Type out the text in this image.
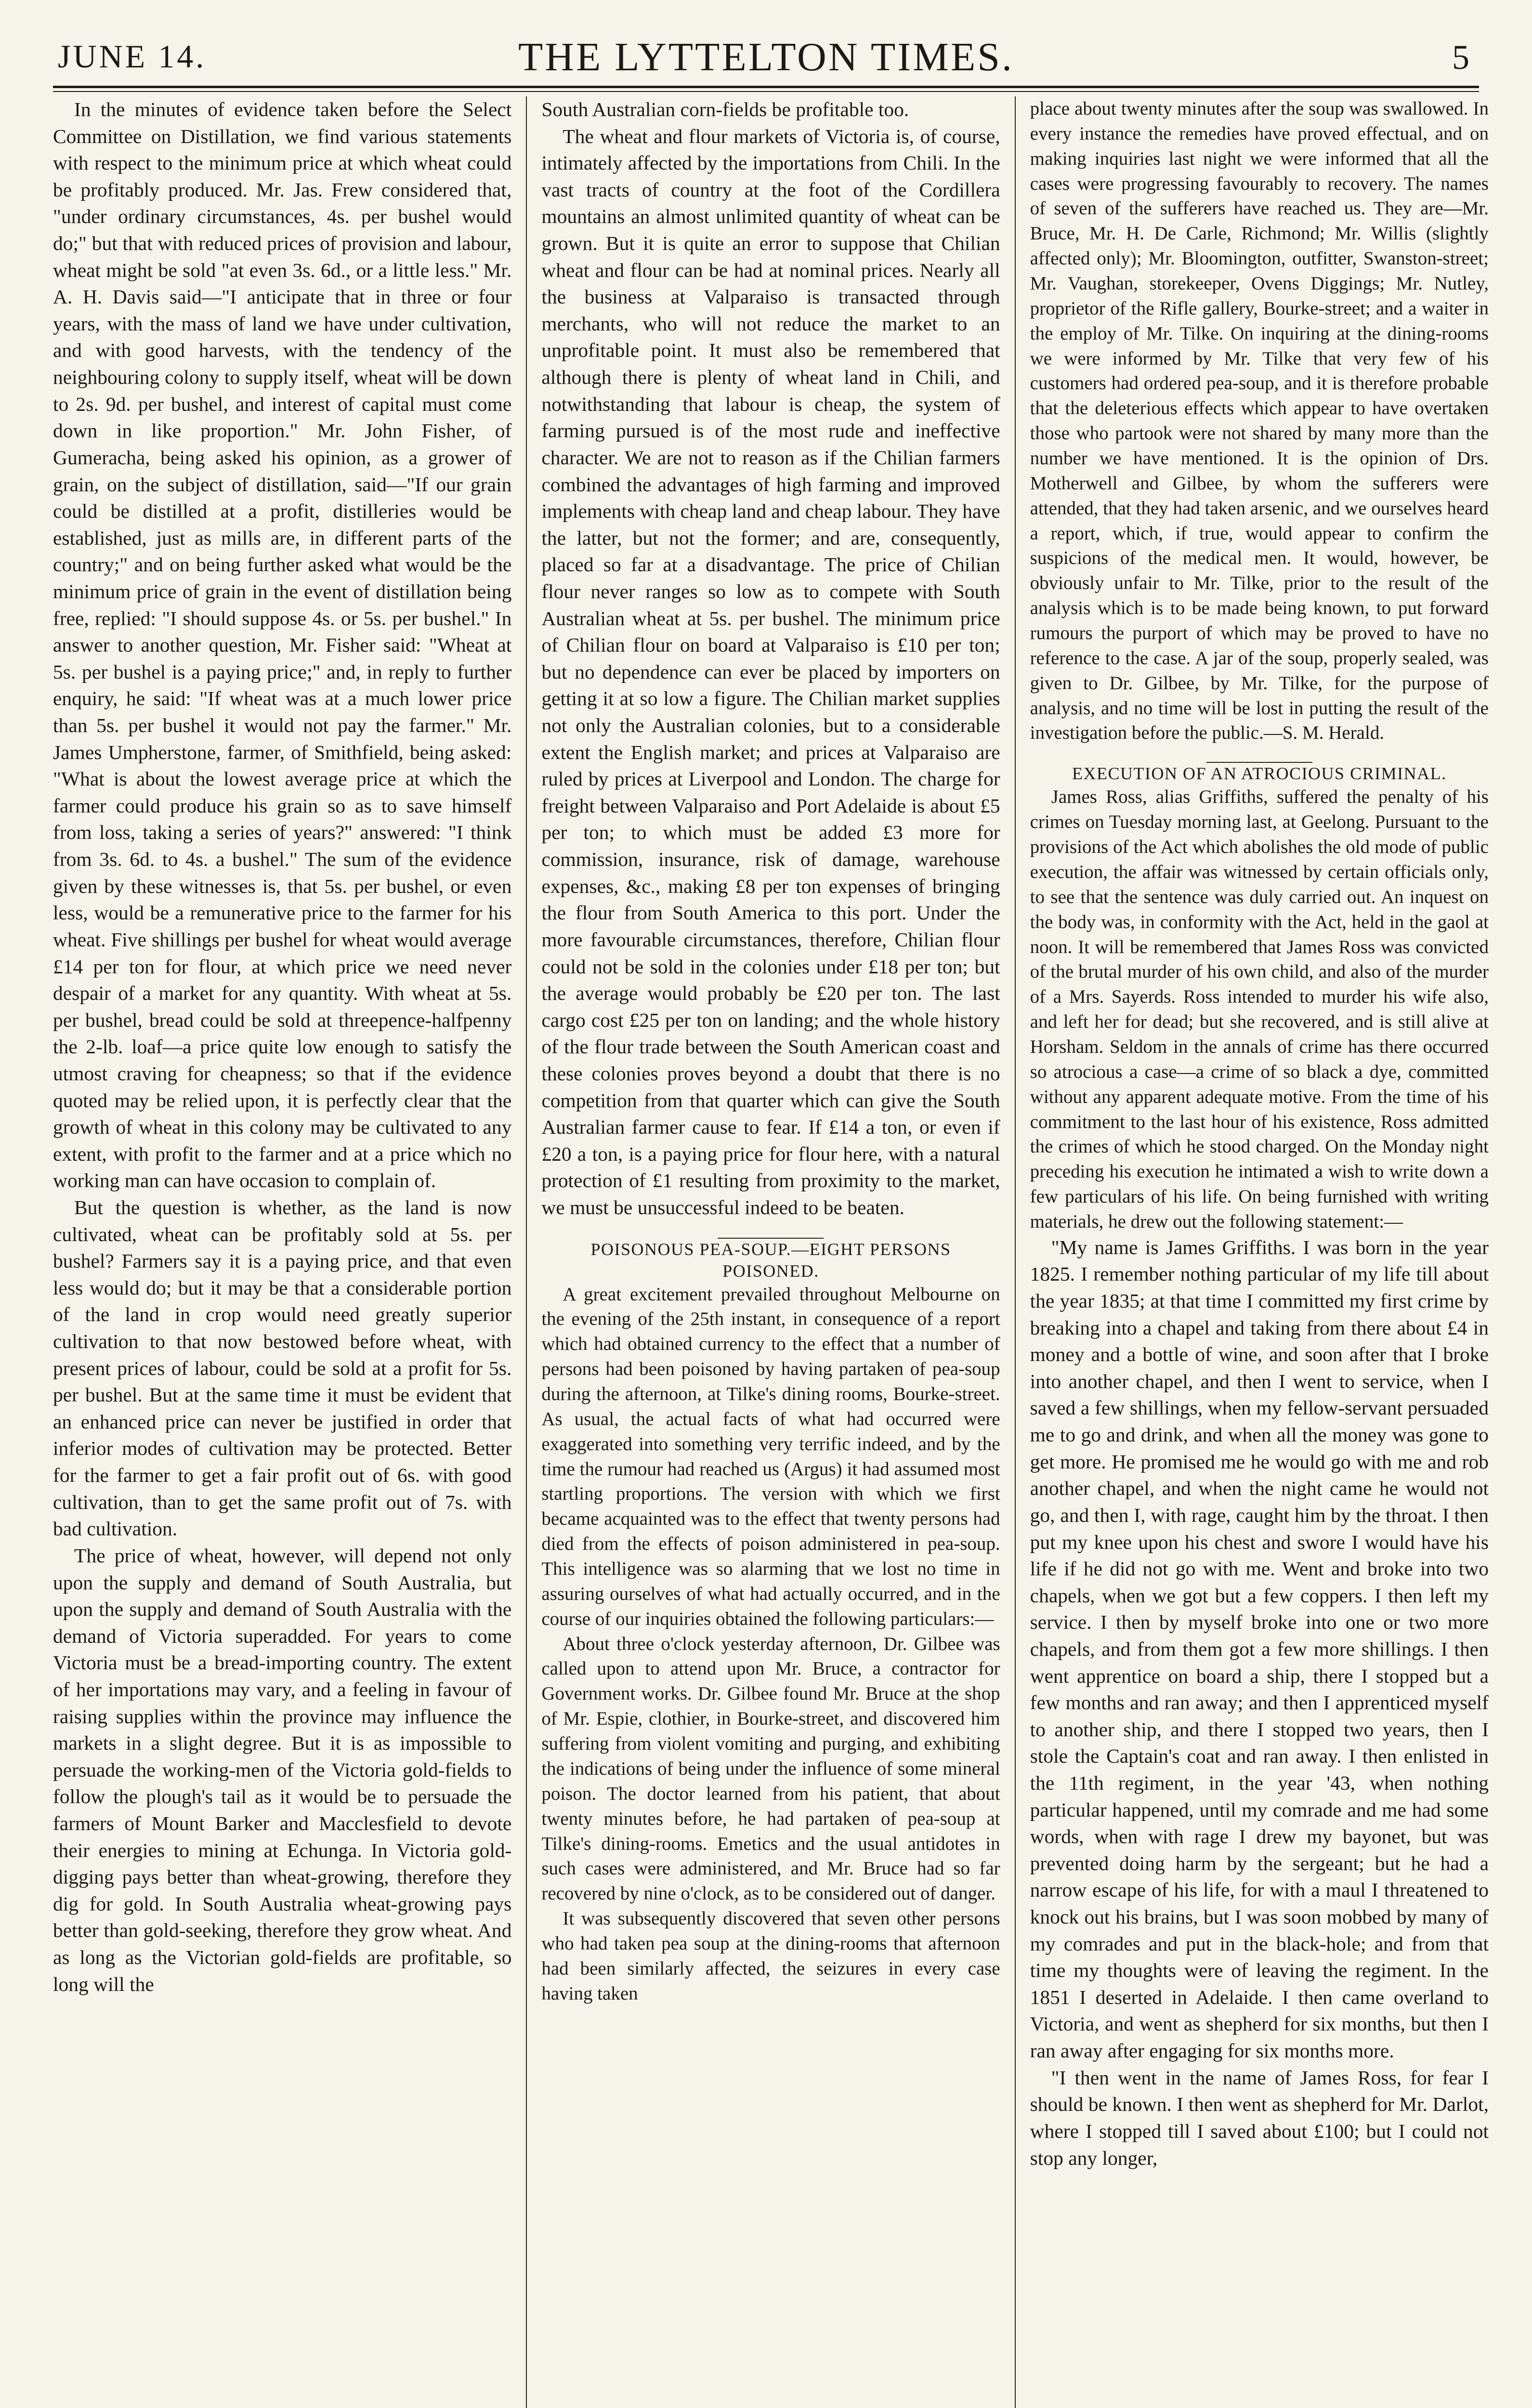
JUNE 14.	THE LYTTELTON TIMES.	5

In the minutes of evidence taken before the Select Committee on Distillation, we find various statements with respect to the minimum price at which wheat could be profitably produced. Mr. Jas. Frew considered that, "under ordinary circumstances, 4s. per bushel would do;" but that with reduced prices of provision and labour, wheat might be sold "at even 3s. 6d., or a little less." Mr. A. H. Davis said—"I anticipate that in three or four years, with the mass of land we have under cultivation, and with good harvests, with the tendency of the neighbouring colony to supply itself, wheat will be down to 2s. 9d. per bushel, and interest of capital must come down in like proportion." Mr. John Fisher, of Gumeracha, being asked his opinion, as a grower of grain, on the subject of distillation, said—"If our grain could be distilled at a profit, distilleries would be established, just as mills are, in different parts of the country;" and on being further asked what would be the minimum price of grain in the event of distillation being free, replied: "I should suppose 4s. or 5s. per bushel." In answer to another question, Mr. Fisher said: "Wheat at 5s. per bushel is a paying price;" and, in reply to further enquiry, he said: "If wheat was at a much lower price than 5s. per bushel it would not pay the farmer." Mr. James Umpherstone, farmer, of Smithfield, being asked: "What is about the lowest average price at which the farmer could produce his grain so as to save himself from loss, taking a series of years?" answered: "I think from 3s. 6d. to 4s. a bushel." The sum of the evidence given by these witnesses is, that 5s. per bushel, or even less, would be a remunerative price to the farmer for his wheat. Five shillings per bushel for wheat would average £14 per ton for flour, at which price we need never despair of a market for any quantity. With wheat at 5s. per bushel, bread could be sold at threepence-halfpenny the 2-lb. loaf—a price quite low enough to satisfy the utmost craving for cheapness; so that if the evidence quoted may be relied upon, it is perfectly clear that the growth of wheat in this colony may be cultivated to any extent, with profit to the farmer and at a price which no working man can have occasion to complain of.

But the question is whether, as the land is now cultivated, wheat can be profitably sold at 5s. per bushel? Farmers say it is a paying price, and that even less would do; but it may be that a considerable portion of the land in crop would need greatly superior cultivation to that now bestowed before wheat, with present prices of labour, could be sold at a profit for 5s. per bushel. But at the same time it must be evident that an enhanced price can never be justified in order that inferior modes of cultivation may be protected. Better for the farmer to get a fair profit out of 6s. with good cultivation, than to get the same profit out of 7s. with bad cultivation.

The price of wheat, however, will depend not only upon the supply and demand of South Australia, but upon the supply and demand of South Australia with the demand of Victoria superadded. For years to come Victoria must be a bread-importing country. The extent of her importations may vary, and a feeling in favour of raising supplies within the province may influence the markets in a slight degree. But it is as impossible to persuade the working-men of the Victoria gold-fields to follow the plough's tail as it would be to persuade the farmers of Mount Barker and Macclesfield to devote their energies to mining at Echunga. In Victoria gold-digging pays better than wheat-growing, therefore they dig for gold. In South Australia wheat-growing pays better than gold-seeking, therefore they grow wheat. And as long as the Victorian gold-fields are profitable, so long will the

South Australian corn-fields be profitable too.

The wheat and flour markets of Victoria is, of course, intimately affected by the importations from Chili. In the vast tracts of country at the foot of the Cordillera mountains an almost unlimited quantity of wheat can be grown. But it is quite an error to suppose that Chilian wheat and flour can be had at nominal prices. Nearly all the business at Valparaiso is transacted through merchants, who will not reduce the market to an unprofitable point. It must also be remembered that although there is plenty of wheat land in Chili, and notwithstanding that labour is cheap, the system of farming pursued is of the most rude and ineffective character. We are not to reason as if the Chilian farmers combined the advantages of high farming and improved implements with cheap land and cheap labour. They have the latter, but not the former; and are, consequently, placed so far at a disadvantage. The price of Chilian flour never ranges so low as to compete with South Australian wheat at 5s. per bushel. The minimum price of Chilian flour on board at Valparaiso is £10 per ton; but no dependence can ever be placed by importers on getting it at so low a figure. The Chilian market supplies not only the Australian colonies, but to a considerable extent the English market; and prices at Valparaiso are ruled by prices at Liverpool and London. The charge for freight between Valparaiso and Port Adelaide is about £5 per ton; to which must be added £3 more for commission, insurance, risk of damage, warehouse expenses, &c., making £8 per ton expenses of bringing the flour from South America to this port. Under the more favourable circumstances, therefore, Chilian flour could not be sold in the colonies under £18 per ton; but the average would probably be £20 per ton. The last cargo cost £25 per ton on landing; and the whole history of the flour trade between the South American coast and these colonies proves beyond a doubt that there is no competition from that quarter which can give the South Australian farmer cause to fear. If £14 a ton, or even if £20 a ton, is a paying price for flour here, with a natural protection of £1 resulting from proximity to the market, we must be unsuccessful indeed to be beaten.

POISONOUS PEA-SOUP.—EIGHT PERSONS POISONED.

A great excitement prevailed throughout Melbourne on the evening of the 25th instant, in consequence of a report which had obtained currency to the effect that a number of persons had been poisoned by having partaken of pea-soup during the afternoon, at Tilke's dining rooms, Bourke-street. As usual, the actual facts of what had occurred were exaggerated into something very terrific indeed, and by the time the rumour had reached us (Argus) it had assumed most startling proportions. The version with which we first became acquainted was to the effect that twenty persons had died from the effects of poison administered in pea-soup. This intelligence was so alarming that we lost no time in assuring ourselves of what had actually occurred, and in the course of our inquiries obtained the following particulars:—

About three o'clock yesterday afternoon, Dr. Gilbee was called upon to attend upon Mr. Bruce, a contractor for Government works. Dr. Gilbee found Mr. Bruce at the shop of Mr. Espie, clothier, in Bourke-street, and discovered him suffering from violent vomiting and purging, and exhibiting the indications of being under the influence of some mineral poison. The doctor learned from his patient, that about twenty minutes before, he had partaken of pea-soup at Tilke's dining-rooms. Emetics and the usual antidotes in such cases were administered, and Mr. Bruce had so far recovered by nine o'clock, as to be considered out of danger.

It was subsequently discovered that seven other persons who had taken pea soup at the dining-rooms that afternoon had been similarly affected, the seizures in every case having taken

place about twenty minutes after the soup was swallowed. In every instance the remedies have proved effectual, and on making inquiries last night we were informed that all the cases were progressing favourably to recovery. The names of seven of the sufferers have reached us. They are—Mr. Bruce, Mr. H. De Carle, Richmond; Mr. Willis (slightly affected only); Mr. Bloomington, outfitter, Swanston-street; Mr. Vaughan, storekeeper, Ovens Diggings; Mr. Nutley, proprietor of the Rifle gallery, Bourke-street; and a waiter in the employ of Mr. Tilke. On inquiring at the dining-rooms we were informed by Mr. Tilke that very few of his customers had ordered pea-soup, and it is therefore probable that the deleterious effects which appear to have overtaken those who partook were not shared by many more than the number we have mentioned. It is the opinion of Drs. Motherwell and Gilbee, by whom the sufferers were attended, that they had taken arsenic, and we ourselves heard a report, which, if true, would appear to confirm the suspicions of the medical men. It would, however, be obviously unfair to Mr. Tilke, prior to the result of the analysis which is to be made being known, to put forward rumours the purport of which may be proved to have no reference to the case. A jar of the soup, properly sealed, was given to Dr. Gilbee, by Mr. Tilke, for the purpose of analysis, and no time will be lost in putting the result of the investigation before the public.—S. M. Herald.

EXECUTION OF AN ATROCIOUS CRIMINAL.

James Ross, alias Griffiths, suffered the penalty of his crimes on Tuesday morning last, at Geelong. Pursuant to the provisions of the Act which abolishes the old mode of public execution, the affair was witnessed by certain officials only, to see that the sentence was duly carried out. An inquest on the body was, in conformity with the Act, held in the gaol at noon. It will be remembered that James Ross was convicted of the brutal murder of his own child, and also of the murder of a Mrs. Sayerds. Ross intended to murder his wife also, and left her for dead; but she recovered, and is still alive at Horsham. Seldom in the annals of crime has there occurred so atrocious a case—a crime of so black a dye, committed without any apparent adequate motive. From the time of his commitment to the last hour of his existence, Ross admitted the crimes of which he stood charged. On the Monday night preceding his execution he intimated a wish to write down a few particulars of his life. On being furnished with writing materials, he drew out the following statement:—

"My name is James Griffiths. I was born in the year 1825. I remember nothing particular of my life till about the year 1835; at that time I committed my first crime by breaking into a chapel and taking from there about £4 in money and a bottle of wine, and soon after that I broke into another chapel, and then I went to service, when I saved a few shillings, when my fellow-servant persuaded me to go and drink, and when all the money was gone to get more. He promised me he would go with me and rob another chapel, and when the night came he would not go, and then I, with rage, caught him by the throat. I then put my knee upon his chest and swore I would have his life if he did not go with me. Went and broke into two chapels, when we got but a few coppers. I then left my service. I then by myself broke into one or two more chapels, and from them got a few more shillings. I then went apprentice on board a ship, there I stopped but a few months and ran away; and then I apprenticed myself to another ship, and there I stopped two years, then I stole the Captain's coat and ran away. I then enlisted in the 11th regiment, in the year '43, when nothing particular happened, until my comrade and me had some words, when with rage I drew my bayonet, but was prevented doing harm by the sergeant; but he had a narrow escape of his life, for with a maul I threatened to knock out his brains, but I was soon mobbed by many of my comrades and put in the black-hole; and from that time my thoughts were of leaving the regiment. In the 1851 I deserted in Adelaide. I then came overland to Victoria, and went as shepherd for six months, but then I ran away after engaging for six months more.

"I then went in the name of James Ross, for fear I should be known. I then went as shepherd for Mr. Darlot, where I stopped till I saved about £100; but I could not stop any longer,
